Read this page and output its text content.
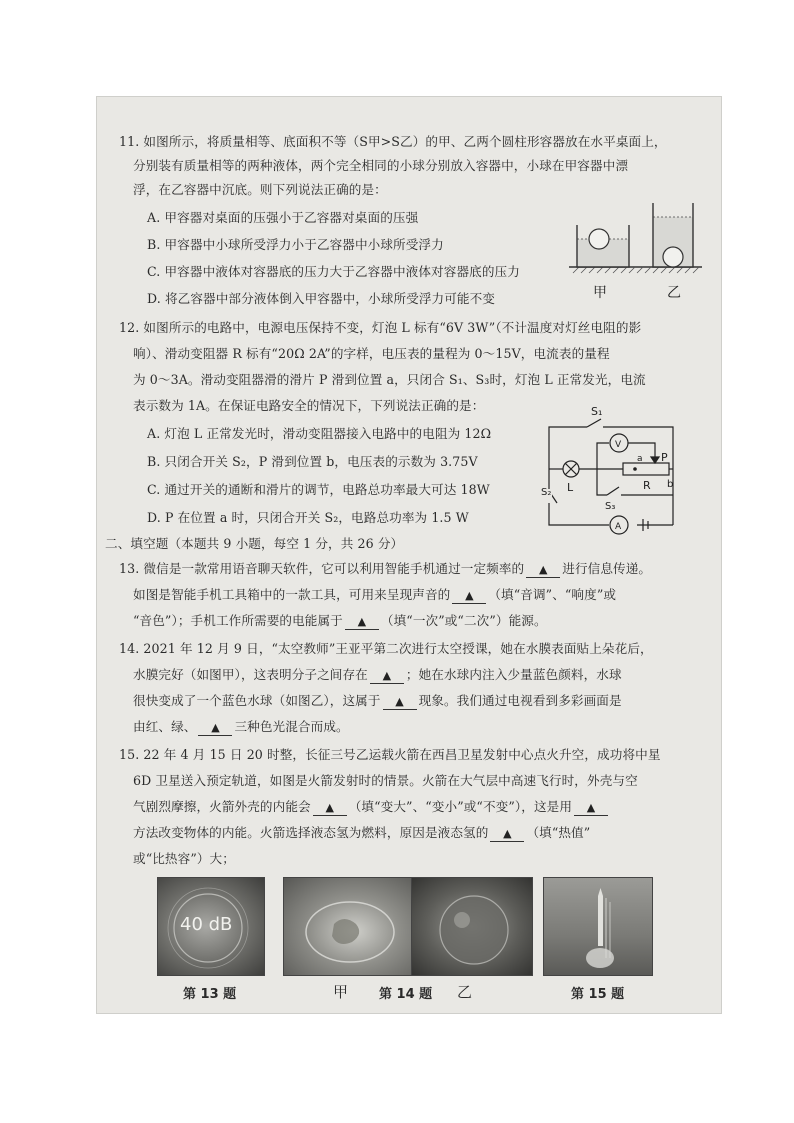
11. 如图所示，将质量相等、底面积不等（S甲>S乙）的甲、乙两个圆柱形容器放在水平桌面上，
分别装有质量相等的两种液体，两个完全相同的小球分别放入容器中，小球在甲容器中漂
浮，在乙容器中沉底。则下列说法正确的是：
A. 甲容器对桌面的压强小于乙容器对桌面的压强
B. 甲容器中小球所受浮力小于乙容器中小球所受浮力
C. 甲容器中液体对容器底的压力大于乙容器中液体对容器底的压力
D. 将乙容器中部分液体倒入甲容器中，小球所受浮力可能不变	甲	乙
12. 如图所示的电路中，电源电压保持不变，灯泡 L 标有“6V 3W”（不计温度对灯丝电阻的影
响）、滑动变阻器 R 标有“20Ω 2A”的字样，电压表的量程为 0～15V，电流表的量程
为 0～3A。滑动变阻器滑的滑片 P 滑到位置 a，只闭合 S₁、S₃时，灯泡 L 正常发光，电流
表示数为 1A。在保证电路安全的情况下，下列说法正确的是：
A. 灯泡 L 正常发光时，滑动变阻器接入电路中的电阻为 12Ω
B. 只闭合开关 S₂，P 滑到位置 b，电压表的示数为 3.75V
C. 通过开关的通断和滑片的调节，电路总功率最大可达 18W
D. P 在位置 a 时，只闭合开关 S₂，电路总功率为 1.5 W
S₁
V
P
a
b
R
L
S₂
S₃
A
二、填空题（本题共 9 小题，每空 1 分，共 26 分）
13. 微信是一款常用语音聊天软件，它可以利用智能手机通过一定频率的 ▲ 进行信息传递。
如图是智能手机工具箱中的一款工具，可用来呈现声音的 ▲ （填“音调”、“响度”或
“音色”）；手机工作所需要的电能属于 ▲ （填“一次”或“二次”）能源。
14. 2021 年 12 月 9 日，“太空教师”王亚平第二次进行太空授课，她在水膜表面贴上朵花后，
水膜完好（如图甲），这表明分子之间存在 ▲ ；她在水球内注入少量蓝色颜料，水球
很快变成了一个蓝色水球（如图乙），这属于 ▲ 现象。我们通过电视看到多彩画面是
由红、绿、 ▲ 三种色光混合而成。
15. 22 年 4 月 15 日 20 时整，长征三号乙运载火箭在西昌卫星发射中心点火升空，成功将中星
6D 卫星送入预定轨道，如图是火箭发射时的情景。火箭在大气层中高速飞行时，外壳与空
气剧烈摩擦，火箭外壳的内能会 ▲ （填“变大”、“变小”或“不变”），这是用 ▲
方法改变物体的内能。火箭选择液态氢为燃料，原因是液态氢的 ▲ （填“热值”
或“比热容”）大；
40 dB
第 13 题	甲 第 14 题 乙	第 15 题
